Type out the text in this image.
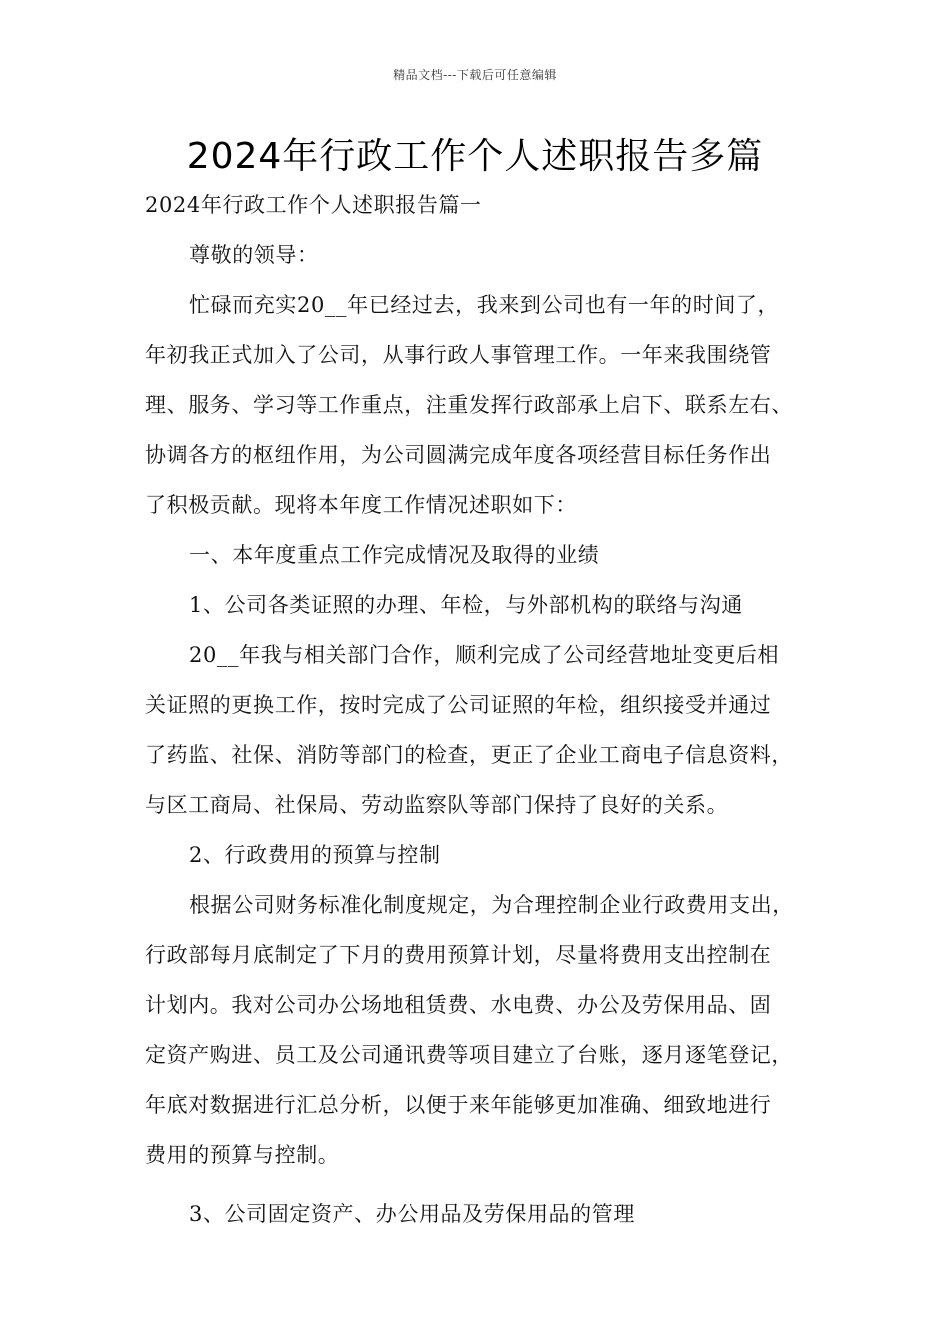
精品文档---下载后可任意编辑
2024年行政工作个人述职报告多篇
2024年行政工作个人述职报告篇一
尊敬的领导：
忙碌而充实20__年已经过去，我来到公司也有一年的时间了，
年初我正式加入了公司，从事行政人事管理工作。一年来我围绕管
理、服务、学习等工作重点，注重发挥行政部承上启下、联系左右、
协调各方的枢纽作用，为公司圆满完成年度各项经营目标任务作出
了积极贡献。现将本年度工作情况述职如下：
一、本年度重点工作完成情况及取得的业绩
1、公司各类证照的办理、年检，与外部机构的联络与沟通
20__年我与相关部门合作，顺利完成了公司经营地址变更后相
关证照的更换工作，按时完成了公司证照的年检，组织接受并通过
了药监、社保、消防等部门的检查，更正了企业工商电子信息资料，
与区工商局、社保局、劳动监察队等部门保持了良好的关系。
2、行政费用的预算与控制
根据公司财务标准化制度规定，为合理控制企业行政费用支出，
行政部每月底制定了下月的费用预算计划，尽量将费用支出控制在
计划内。我对公司办公场地租赁费、水电费、办公及劳保用品、固
定资产购进、员工及公司通讯费等项目建立了台账，逐月逐笔登记，
年底对数据进行汇总分析，以便于来年能够更加准确、细致地进行
费用的预算与控制。
3、公司固定资产、办公用品及劳保用品的管理
